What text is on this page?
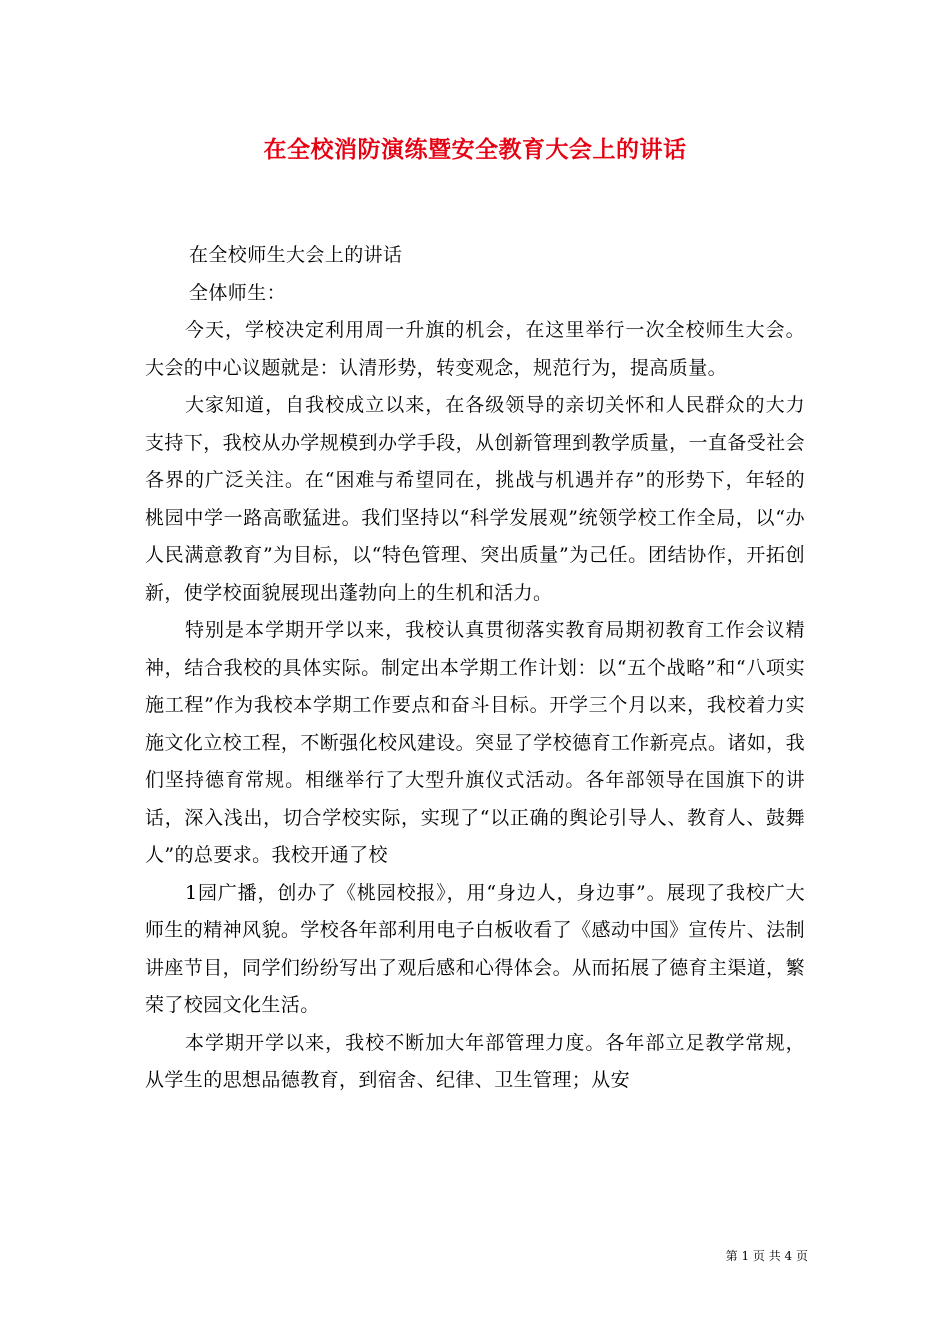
在全校消防演练暨安全教育大会上的讲话

在全校师生大会上的讲话

全体师生：

今天，学校决定利用周一升旗的机会，在这里举行一次全校师生大会。大会的中心议题就是：认清形势，转变观念，规范行为，提高质量。

大家知道，自我校成立以来，在各级领导的亲切关怀和人民群众的大力支持下，我校从办学规模到办学手段，从创新管理到教学质量，一直备受社会各界的广泛关注。在“困难与希望同在，挑战与机遇并存”的形势下，年轻的桃园中学一路高歌猛进。我们坚持以“科学发展观”统领学校工作全局，以“办人民满意教育”为目标，以“特色管理、突出质量”为己任。团结协作，开拓创新，使学校面貌展现出蓬勃向上的生机和活力。

特别是本学期开学以来，我校认真贯彻落实教育局期初教育工作会议精神，结合我校的具体实际。制定出本学期工作计划：以“五个战略”和“八项实施工程”作为我校本学期工作要点和奋斗目标。开学三个月以来，我校着力实施文化立校工程，不断强化校风建设。突显了学校德育工作新亮点。诸如，我们坚持德育常规。相继举行了大型升旗仪式活动。各年部领导在国旗下的讲话，深入浅出，切合学校实际，实现了“以正确的舆论引导人、教育人、鼓舞人”的总要求。我校开通了校

1园广播，创办了《桃园校报》，用“身边人，身边事”。展现了我校广大师生的精神风貌。学校各年部利用电子白板收看了《感动中国》宣传片、法制讲座节目，同学们纷纷写出了观后感和心得体会。从而拓展了德育主渠道，繁荣了校园文化生活。

本学期开学以来，我校不断加大年部管理力度。各年部立足教学常规，从学生的思想品德教育，到宿舍、纪律、卫生管理；从安

第 1 页 共 4 页
